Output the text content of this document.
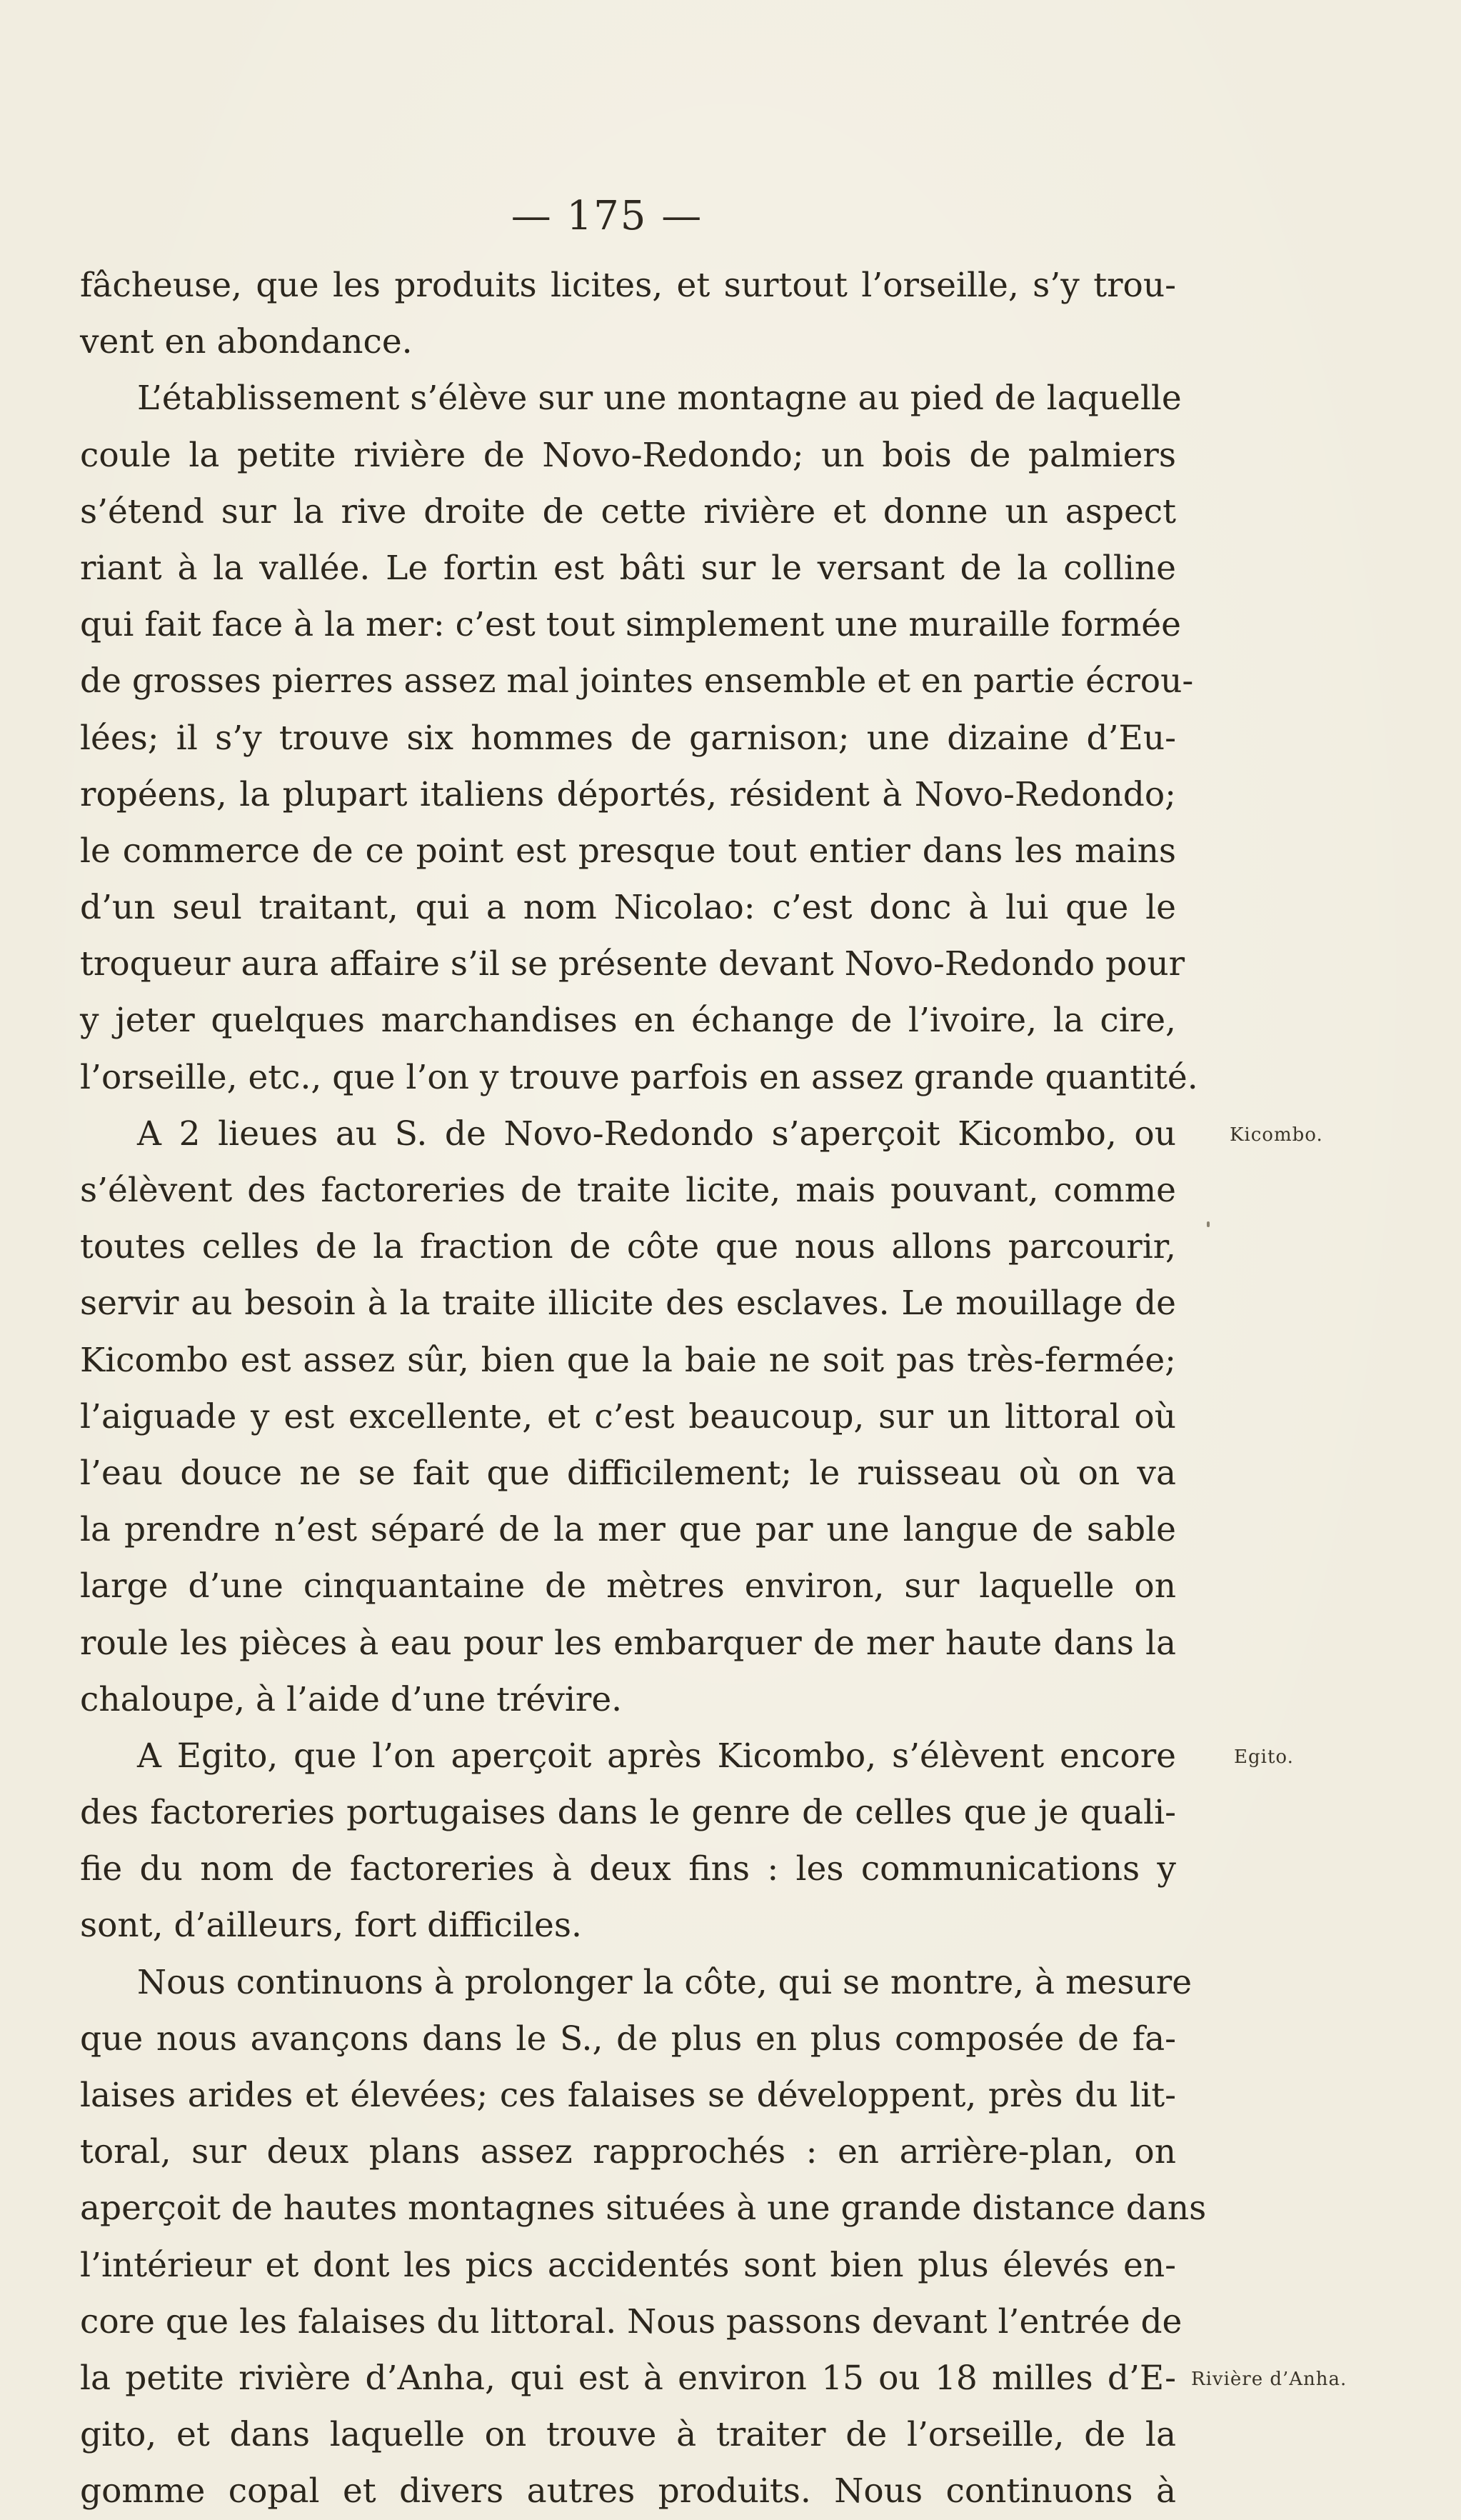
— 175 —
fâcheuse, que les produits licites, et surtout l’orseille, s’y trou-
vent en abondance.
L’établissement s’élève sur une montagne au pied de laquelle
coule la petite rivière de Novo-Redondo; un bois de palmiers
s’étend sur la rive droite de cette rivière et donne un aspect
riant à la vallée. Le fortin est bâti sur le versant de la colline
qui fait face à la mer: c’est tout simplement une muraille formée
de grosses pierres assez mal jointes ensemble et en partie écrou-
lées; il s’y trouve six hommes de garnison; une dizaine d’Eu-
ropéens, la plupart italiens déportés, résident à Novo-Redondo;
le commerce de ce point est presque tout entier dans les mains
d’un seul traitant, qui a nom Nicolao: c’est donc à lui que le
troqueur aura affaire s’il se présente devant Novo-Redondo pour
y jeter quelques marchandises en échange de l’ivoire, la cire,
l’orseille, etc., que l’on y trouve parfois en assez grande quantité.
A 2 lieues au S. de Novo-Redondo s’aperçoit Kicombo, ou
s’élèvent des factoreries de traite licite, mais pouvant, comme
toutes celles de la fraction de côte que nous allons parcourir,
servir au besoin à la traite illicite des esclaves. Le mouillage de
Kicombo est assez sûr, bien que la baie ne soit pas très-fermée;
l’aiguade y est excellente, et c’est beaucoup, sur un littoral où
l’eau douce ne se fait que difficilement; le ruisseau où on va
la prendre n’est séparé de la mer que par une langue de sable
large d’une cinquantaine de mètres environ, sur laquelle on
roule les pièces à eau pour les embarquer de mer haute dans la
chaloupe, à l’aide d’une trévire.
A Egito, que l’on aperçoit après Kicombo, s’élèvent encore
des factoreries portugaises dans le genre de celles que je quali-
fie du nom de factoreries à deux fins : les communications y
sont, d’ailleurs, fort difficiles.
Nous continuons à prolonger la côte, qui se montre, à mesure
que nous avançons dans le S., de plus en plus composée de fa-
laises arides et élevées; ces falaises se développent, près du lit-
toral, sur deux plans assez rapprochés : en arrière-plan, on
aperçoit de hautes montagnes situées à une grande distance dans
l’intérieur et dont les pics accidentés sont bien plus élevés en-
core que les falaises du littoral. Nous passons devant l’entrée de
la petite rivière d’Anha, qui est à environ 15 ou 18 milles d’E-
gito, et dans laquelle on trouve à traiter de l’orseille, de la
gomme copal et divers autres produits. Nous continuons à
Kicombo.
Egito.
Rivière d’Anha.
